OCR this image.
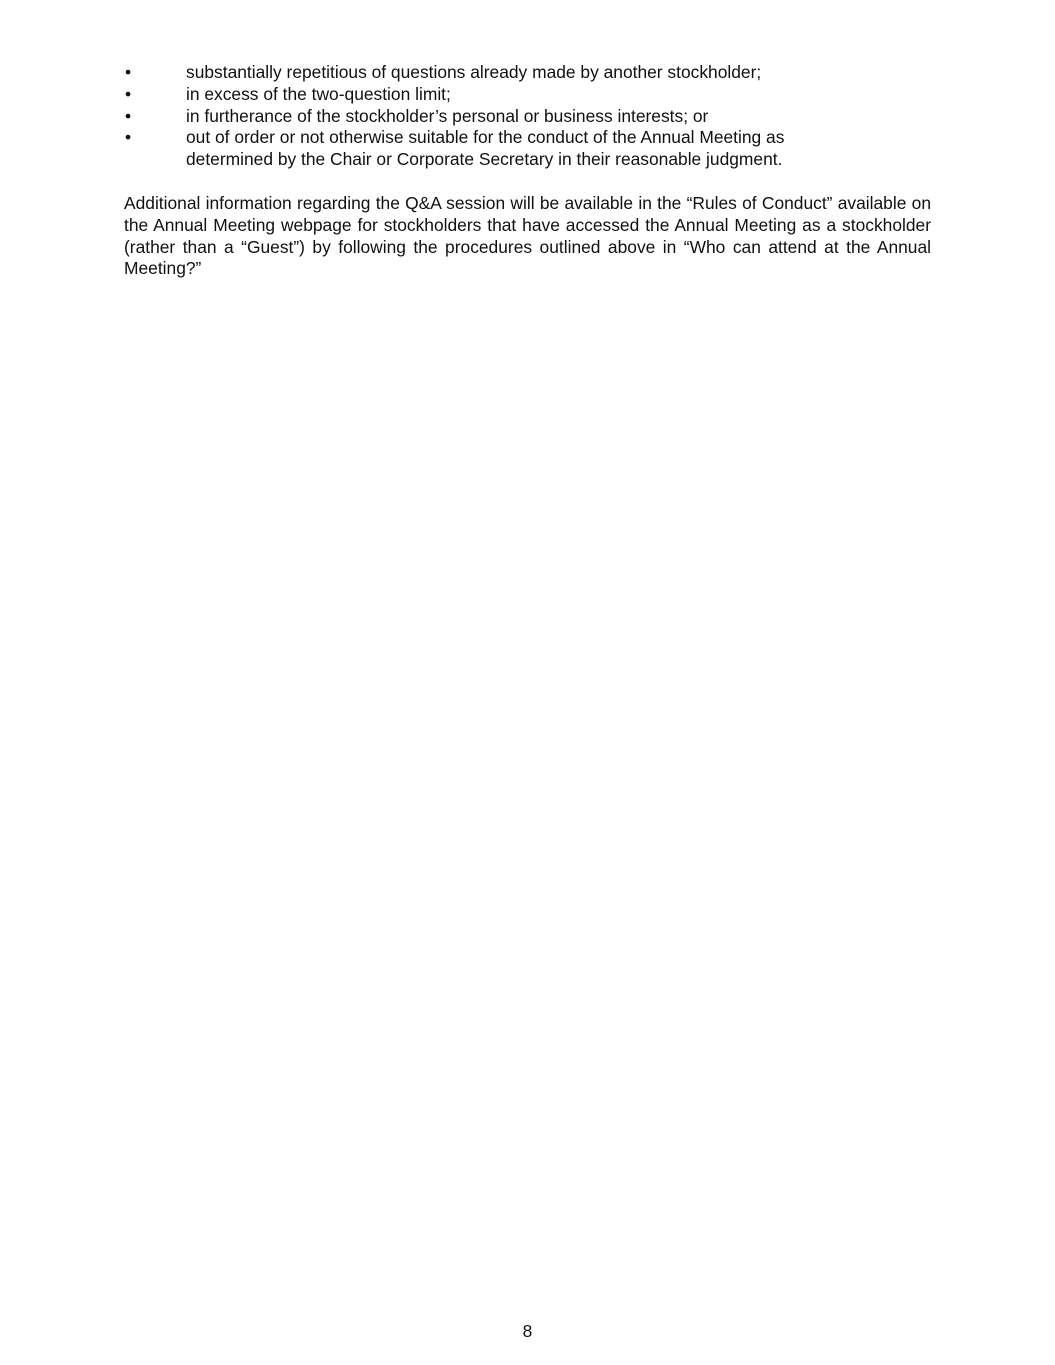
•	substantially repetitious of questions already made by another stockholder;
•	in excess of the two-question limit;
•	in furtherance of the stockholder’s personal or business interests; or
•	out of order or not otherwise suitable for the conduct of the Annual Meeting as determined by the Chair or Corporate Secretary in their reasonable judgment.

Additional information regarding the Q&A session will be available in the “Rules of Conduct” available on the Annual Meeting webpage for stockholders that have accessed the Annual Meeting as a stockholder (rather than a “Guest”) by following the procedures outlined above in “Who can attend at the Annual Meeting?”

8
